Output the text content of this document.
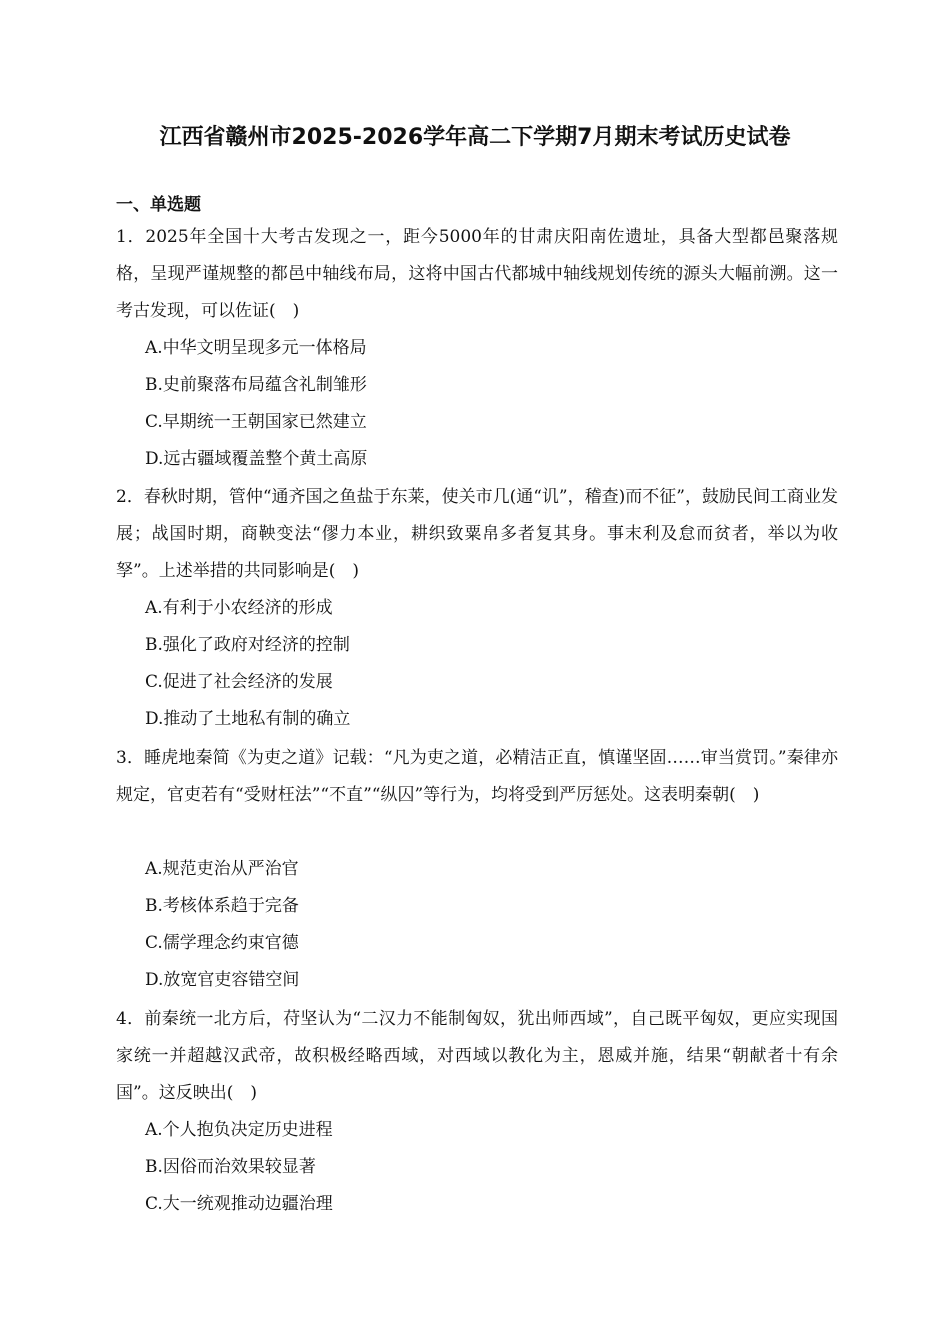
江西省赣州市2025-2026学年高二下学期7月期末考试历史试卷
一、单选题
1．2025年全国十大考古发现之一，距今5000年的甘肃庆阳南佐遗址，具备大型都邑聚落规格，呈现严谨规整的都邑中轴线布局，这将中国古代都城中轴线规划传统的源头大幅前溯。这一考古发现，可以佐证(　)
A.中华文明呈现多元一体格局
B.史前聚落布局蕴含礼制雏形
C.早期统一王朝国家已然建立
D.远古疆域覆盖整个黄土高原
2．春秋时期，管仲“通齐国之鱼盐于东莱，使关市几(通“讥”，稽查)而不征”，鼓励民间工商业发展；战国时期，商鞅变法“僇力本业，耕织致粟帛多者复其身。事末利及怠而贫者，举以为收孥”。上述举措的共同影响是(　)
A.有利于小农经济的形成
B.强化了政府对经济的控制
C.促进了社会经济的发展
D.推动了土地私有制的确立
3．睡虎地秦简《为吏之道》记载：“凡为吏之道，必精洁正直，慎谨坚固……审当赏罚。”秦律亦规定，官吏若有“受财枉法”“不直”“纵囚”等行为，均将受到严厉惩处。这表明秦朝(　)
A.规范吏治从严治官
B.考核体系趋于完备
C.儒学理念约束官德
D.放宽官吏容错空间
4．前秦统一北方后，苻坚认为“二汉力不能制匈奴，犹出师西域”，自己既平匈奴，更应实现国家统一并超越汉武帝，故积极经略西域，对西域以教化为主，恩威并施，结果“朝献者十有余国”。这反映出(　)
A.个人抱负决定历史进程
B.因俗而治效果较显著
C.大一统观推动边疆治理
